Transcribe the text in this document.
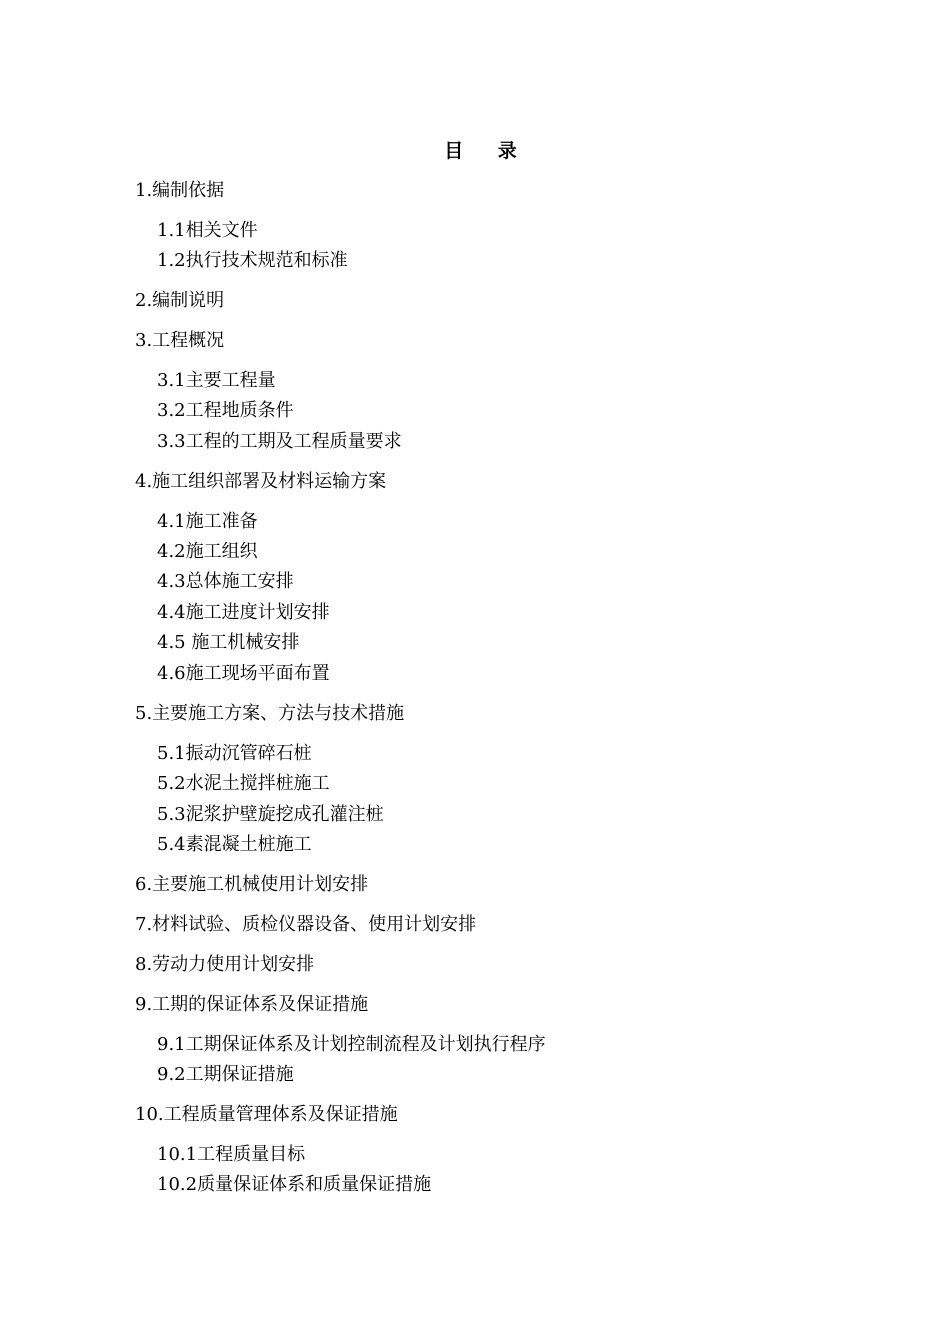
目 录
1.编制依据
1.1相关文件
1.2执行技术规范和标准
2.编制说明
3.工程概况
3.1主要工程量
3.2工程地质条件
3.3工程的工期及工程质量要求
4.施工组织部署及材料运输方案
4.1施工准备
4.2施工组织
4.3总体施工安排
4.4施工进度计划安排
4.5 施工机械安排
4.6施工现场平面布置
5.主要施工方案、方法与技术措施
5.1振动沉管碎石桩
5.2水泥土搅拌桩施工
5.3泥浆护壁旋挖成孔灌注桩
5.4素混凝土桩施工
6.主要施工机械使用计划安排
7.材料试验、质检仪器设备、使用计划安排
8.劳动力使用计划安排
9.工期的保证体系及保证措施
9.1工期保证体系及计划控制流程及计划执行程序
9.2工期保证措施
10.工程质量管理体系及保证措施
10.1工程质量目标
10.2质量保证体系和质量保证措施
